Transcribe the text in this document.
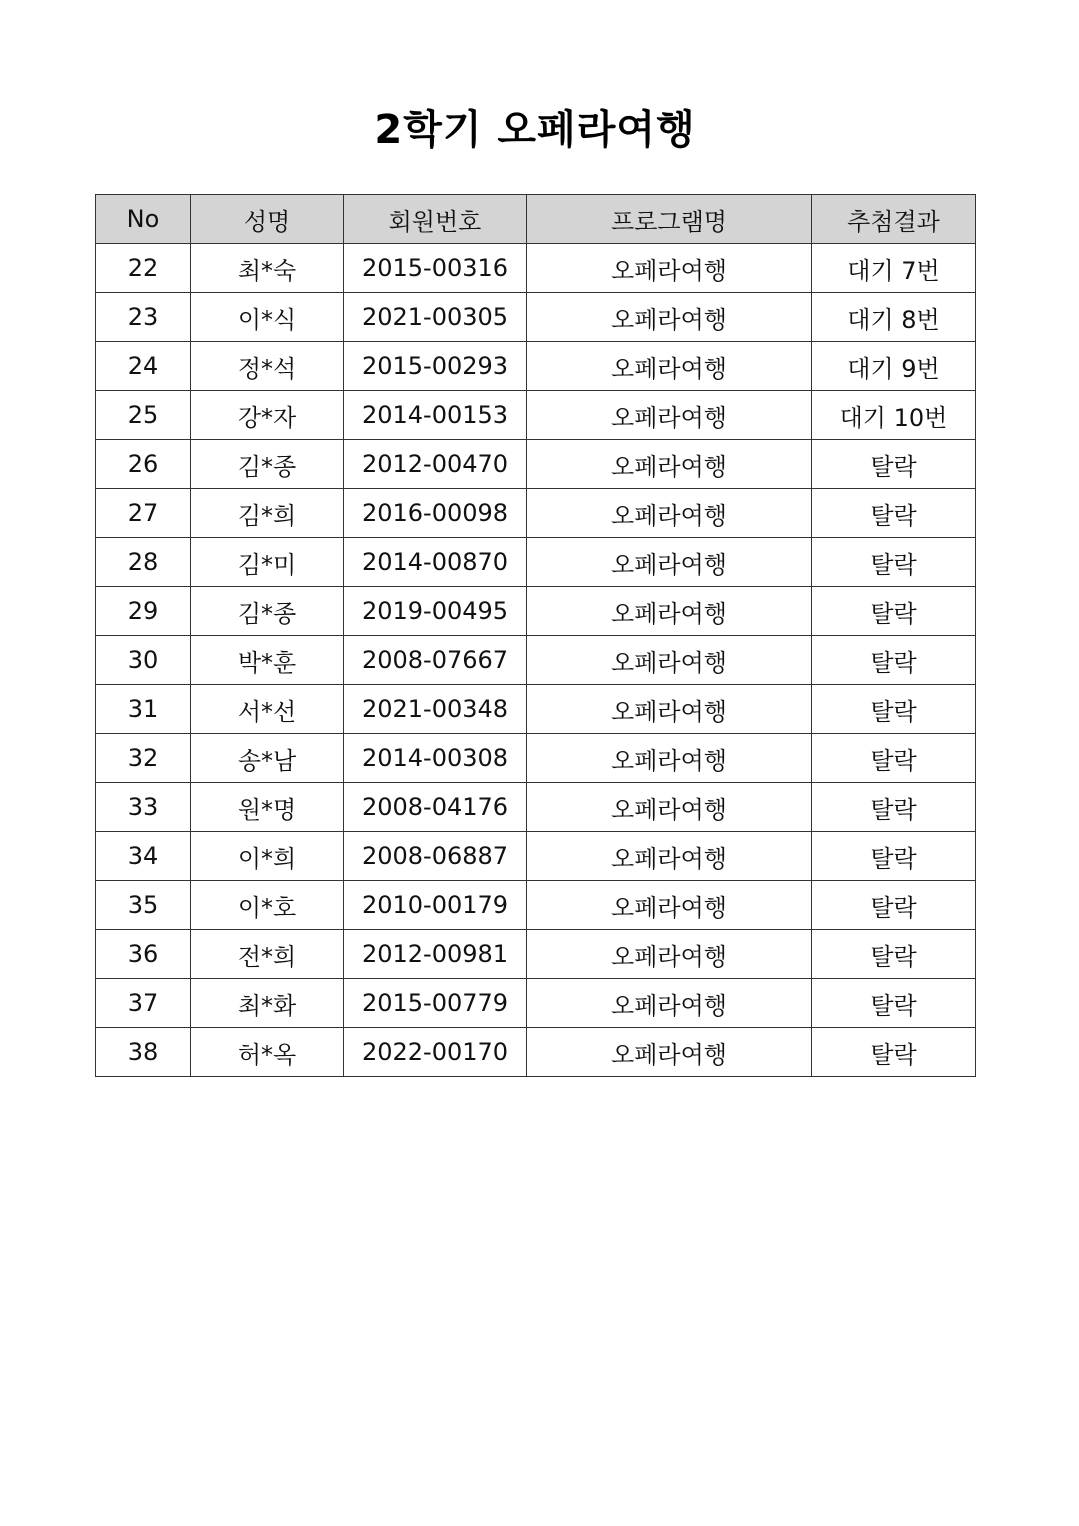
2학기 오페라여행
No	성명	회원번호	프로그램명	추첨결과
22	최*숙	2015-00316	오페라여행	대기 7번
23	이*식	2021-00305	오페라여행	대기 8번
24	정*석	2015-00293	오페라여행	대기 9번
25	강*자	2014-00153	오페라여행	대기 10번
26	김*종	2012-00470	오페라여행	탈락
27	김*희	2016-00098	오페라여행	탈락
28	김*미	2014-00870	오페라여행	탈락
29	김*종	2019-00495	오페라여행	탈락
30	박*훈	2008-07667	오페라여행	탈락
31	서*선	2021-00348	오페라여행	탈락
32	송*남	2014-00308	오페라여행	탈락
33	원*명	2008-04176	오페라여행	탈락
34	이*희	2008-06887	오페라여행	탈락
35	이*호	2010-00179	오페라여행	탈락
36	전*희	2012-00981	오페라여행	탈락
37	최*화	2015-00779	오페라여행	탈락
38	허*옥	2022-00170	오페라여행	탈락
